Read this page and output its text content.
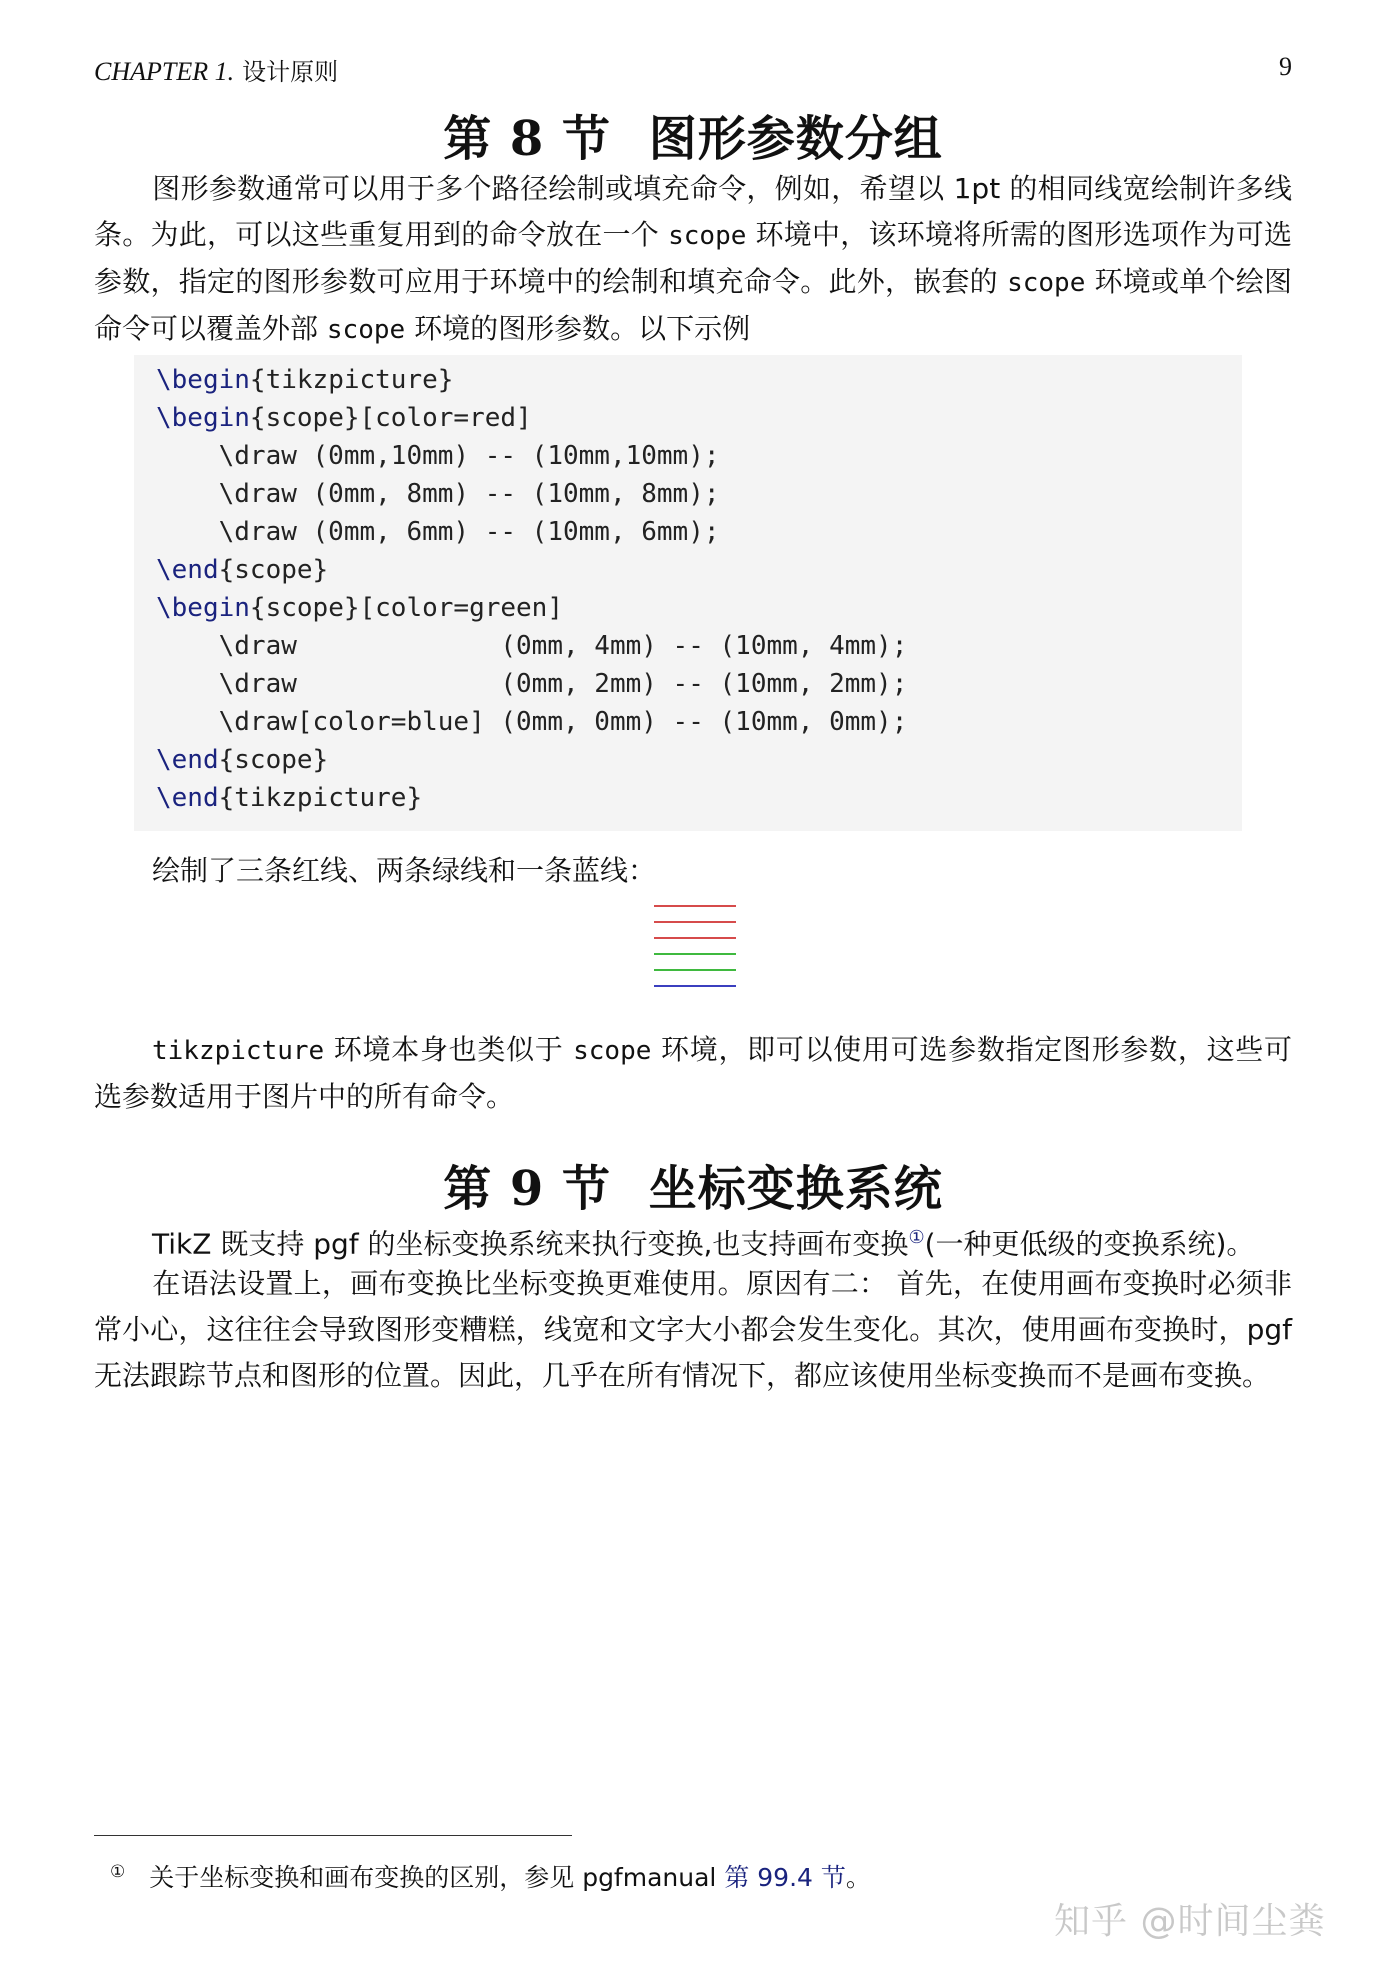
CHAPTER 1. 设计原则	9
第 8 节 图形参数分组
图形参数通常可以用于多个路径绘制或填充命令，例如，希望以 1pt 的相同线宽绘制许多线条。为此，可以这些重复用到的命令放在一个 scope 环境中，该环境将所需的图形选项作为可选参数，指定的图形参数可应用于环境中的绘制和填充命令。此外，嵌套的 scope 环境或单个绘图命令可以覆盖外部 scope 环境的图形参数。以下示例
\begin{tikzpicture}
\begin{scope}[color=red]
\draw (0mm,10mm) -- (10mm,10mm);
\draw (0mm, 8mm) -- (10mm, 8mm);
\draw (0mm, 6mm) -- (10mm, 6mm);
\end{scope}
\begin{scope}[color=green]
\draw             (0mm, 4mm) -- (10mm, 4mm);
\draw             (0mm, 2mm) -- (10mm, 2mm);
\draw[color=blue] (0mm, 0mm) -- (10mm, 0mm);
\end{scope}
\end{tikzpicture}
绘制了三条红线、两条绿线和一条蓝线：
tikzpicture 环境本身也类似于 scope 环境，即可以使用可选参数指定图形参数，这些可选参数适用于图片中的所有命令。
第 9 节 坐标变换系统
TikZ 既支持 pgf 的坐标变换系统来执行变换,也支持画布变换①(一种更低级的变换系统)。
在语法设置上，画布变换比坐标变换更难使用。原因有二： 首先，在使用画布变换时必须非常小心，这往往会导致图形变糟糕，线宽和文字大小都会发生变化。其次，使用画布变换时，pgf 无法跟踪节点和图形的位置。因此，几乎在所有情况下，都应该使用坐标变换而不是画布变换。
① 关于坐标变换和画布变换的区别，参见 pgfmanual 第 99.4 节。
知乎 @时间尘粪
